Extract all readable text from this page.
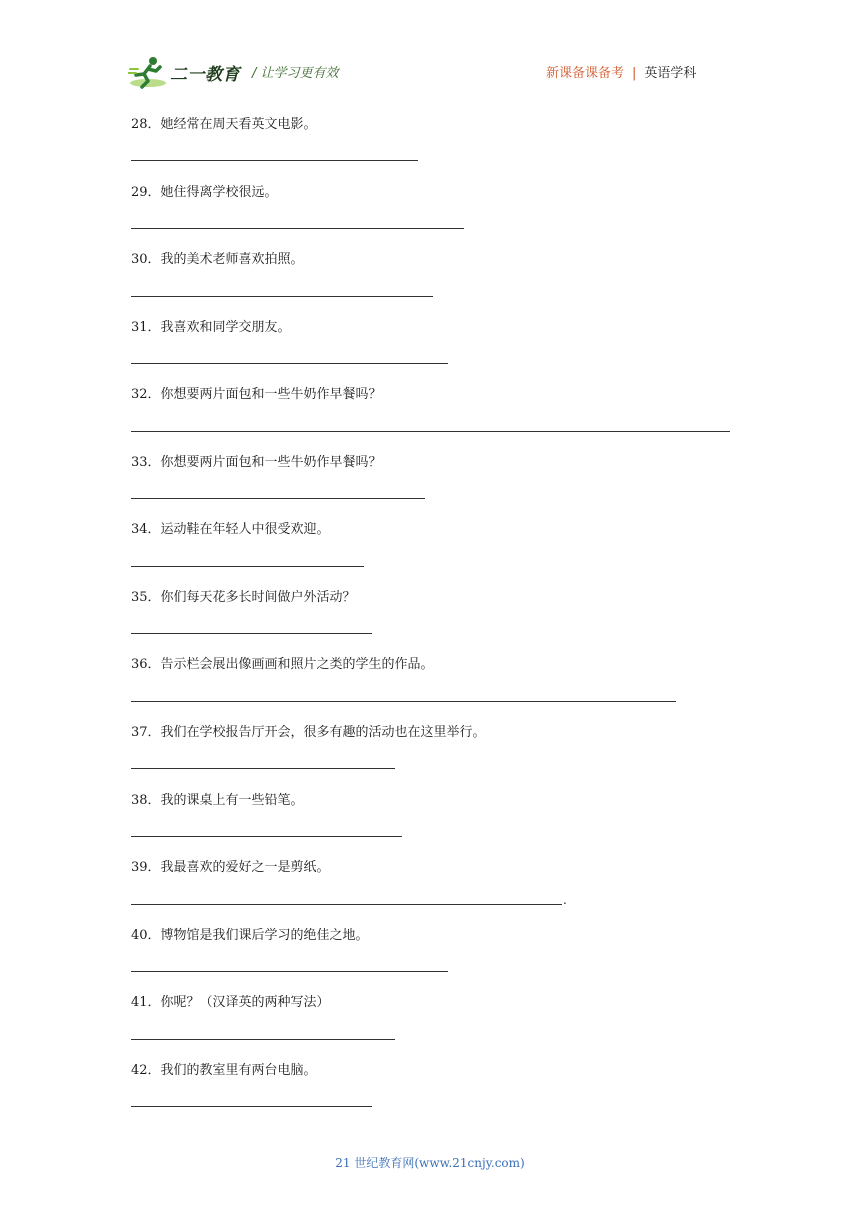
二一教育 / 让学习更有效	新课备课备考 | 英语学科
28．她经常在周天看英文电影。
29．她住得离学校很远。
30．我的美术老师喜欢拍照。
31．我喜欢和同学交朋友。
32．你想要两片面包和一些牛奶作早餐吗？
33．你想要两片面包和一些牛奶作早餐吗？
34．运动鞋在年轻人中很受欢迎。
35．你们每天花多长时间做户外活动？
36．告示栏会展出像画画和照片之类的学生的作品。
37．我们在学校报告厅开会，很多有趣的活动也在这里举行。
38．我的课桌上有一些铅笔。
39．我最喜欢的爱好之一是剪纸。
.
40．博物馆是我们课后学习的绝佳之地。
41．你呢？（汉译英的两种写法）
42．我们的教室里有两台电脑。
21 世纪教育网(www.21cnjy.com)
